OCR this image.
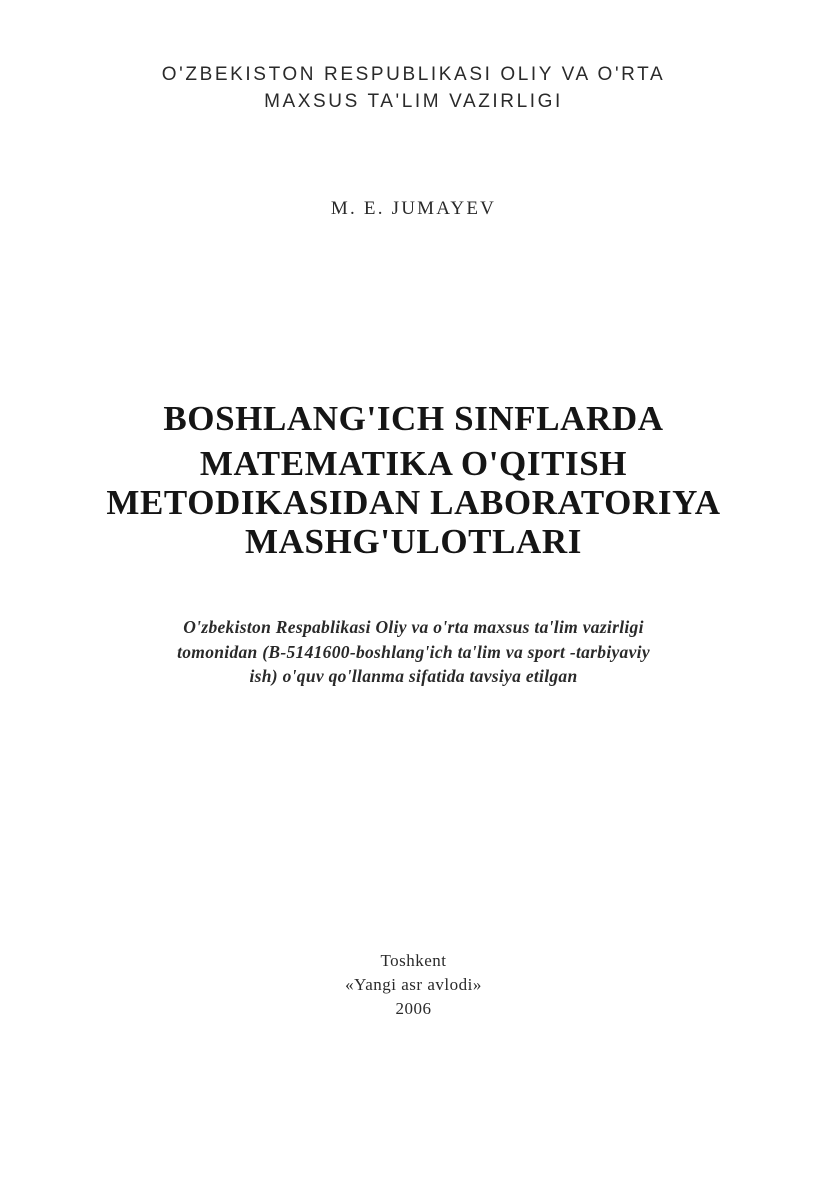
O'ZBEKISTON RESPUBLIKASI OLIY VA O'RTA

MAXSUS TA'LIM VAZIRLIGI

M. E. JUMAYEV

BOSHLANG'ICH SINFLARDA

MATEMATIKA O'QITISH

METODIKASIDAN LABORATORIYA

MASHG'ULOTLARI

O'zbekiston Respablikasi Oliy va o'rta maxsus ta'lim vazirligi

tomonidan (B-5141600-boshlang'ich ta'lim va sport -tarbiyaviy

ish) o'quv qo'llanma sifatida tavsiya etilgan

Toshkent

«Yangi asr avlodi»

2006
